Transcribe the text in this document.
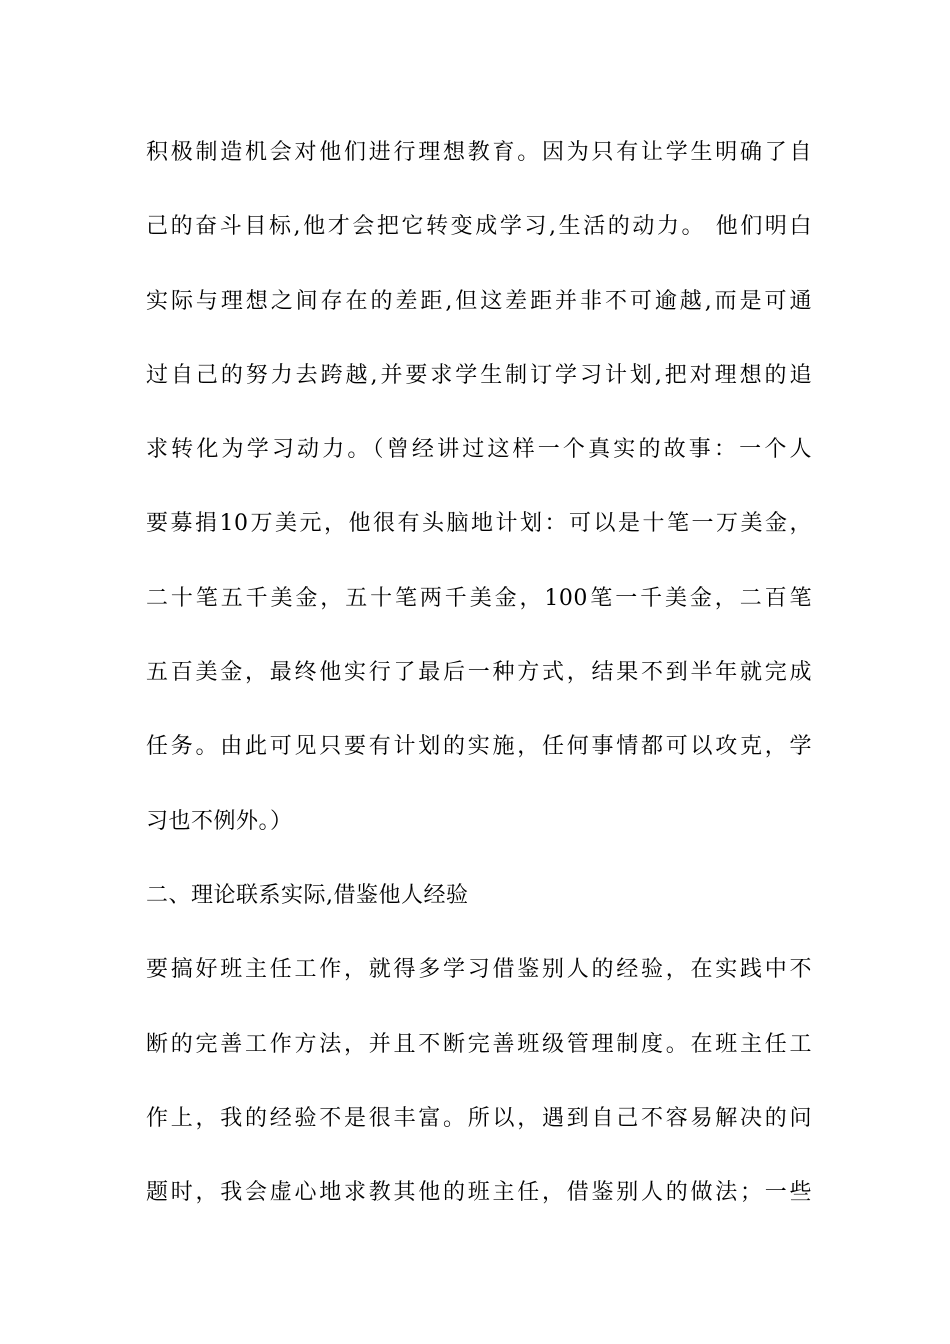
积极制造机会对他们进行理想教育。因为只有让学生明确了自
己的奋斗目标,他才会把它转变成学习,生活的动力。 他们明白
实际与理想之间存在的差距,但这差距并非不可逾越,而是可通
过自己的努力去跨越,并要求学生制订学习计划,把对理想的追
求转化为学习动力。（曾经讲过这样一个真实的故事：一个人
要募捐10万美元，他很有头脑地计划：可以是十笔一万美金，
二十笔五千美金，五十笔两千美金，100笔一千美金，二百笔
五百美金，最终他实行了最后一种方式，结果不到半年就完成
任务。由此可见只要有计划的实施，任何事情都可以攻克，学
习也不例外。）
二、理论联系实际,借鉴他人经验
要搞好班主任工作，就得多学习借鉴别人的经验，在实践中不
断的完善工作方法，并且不断完善班级管理制度。在班主任工
作上，我的经验不是很丰富。所以，遇到自己不容易解决的问
题时，我会虚心地求教其他的班主任，借鉴别人的做法；一些
